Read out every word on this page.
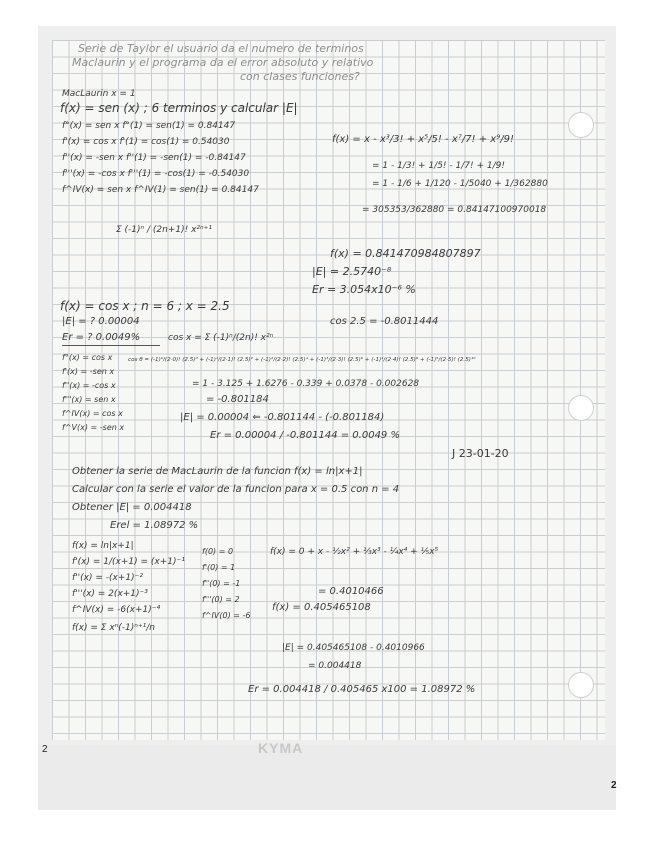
Serie de Taylor el usuario da el numero de terminos
Maclaurin y el programa da el error absoluto y relativo
con clases funciones?
MacLaurin x = 1
f(x) = sen (x) ; 6 terminos y calcular |E|
f°(x) = sen x f°(1) = sen(1) = 0.84147
f'(x) = cos x f'(1) = cos(1) = 0.54030
f''(x) = -sen x f''(1) = -sen(1) = -0.84147
f'''(x) = -cos x f'''(1) = -cos(1) = -0.54030
f^IV(x) = sen x f^IV(1) = sen(1) = 0.84147
f(x) = x - x³/3! + x⁵/5! - x⁷/7! + x⁹/9!
= 1 - 1/3! + 1/5! - 1/7! + 1/9!
= 1 - 1/6 + 1/120 - 1/5040 + 1/362880
= 305353/362880 = 0.84147100970018
Σ (-1)ⁿ / (2n+1)! x²ⁿ⁺¹
f(x) = 0.841470984807897
|E| = 2.5740⁻⁸
Er = 3.054x10⁻⁶ %
f(x) = cos x ; n = 6 ; x = 2.5
|E| = ? 0.00004
Er = ? 0.0049%	cos x = Σ (-1)ⁿ/(2n)! x²ⁿ
cos 2.5 = -0.8011444
f°(x) = cos x
f'(x) = -sen x
f''(x) = -cos x
f'''(x) = sen x
f^IV(x) = cos x
f^V(x) = -sen x
cos θ = (-1)⁰/(2·0)! (2.5)⁰ + (-1)¹/(2·1)! (2.5)² + (-1)²/(2·2)! (2.5)⁴ + (-1)³/(2·3)! (2.5)⁶ + (-1)⁴/(2·4)! (2.5)⁸ + (-1)⁵/(2·5)! (2.5)¹⁰
= 1 - 3.125 + 1.6276 - 0.339 + 0.0378 - 0.002628
= -0.801184
|E| = 0.00004 ⇐ -0.801144 - (-0.801184)
Er = 0.00004 / -0.801144 = 0.0049 %
J 23-01-20
Obtener la serie de MacLaurin de la funcion f(x) = ln|x+1|
Calcular con la serie el valor de la funcion para x = 0.5 con n = 4
Obtener |E| = 0.004418
Erel = 1.08972 %
f(x) = ln|x+1|
f'(x) = 1/(x+1) = (x+1)⁻¹
f''(x) = -(x+1)⁻²
f'''(x) = 2(x+1)⁻³
f^IV(x) = -6(x+1)⁻⁴
f(x) = Σ xⁿ(-1)ⁿ⁺¹/n
f(0) = 0
f'(0) = 1
f''(0) = -1
f'''(0) = 2
f^IV(0) = -6
f(x) = 0 + x - ½x² + ⅓x³ - ¼x⁴ + ⅕x⁵
= 0.4010466
f(x) = 0.405465108
|E| = 0.405465108 - 0.4010966
= 0.004418
Er = 0.004418 / 0.405465 x100 = 1.08972 %
2	KYMA
2
